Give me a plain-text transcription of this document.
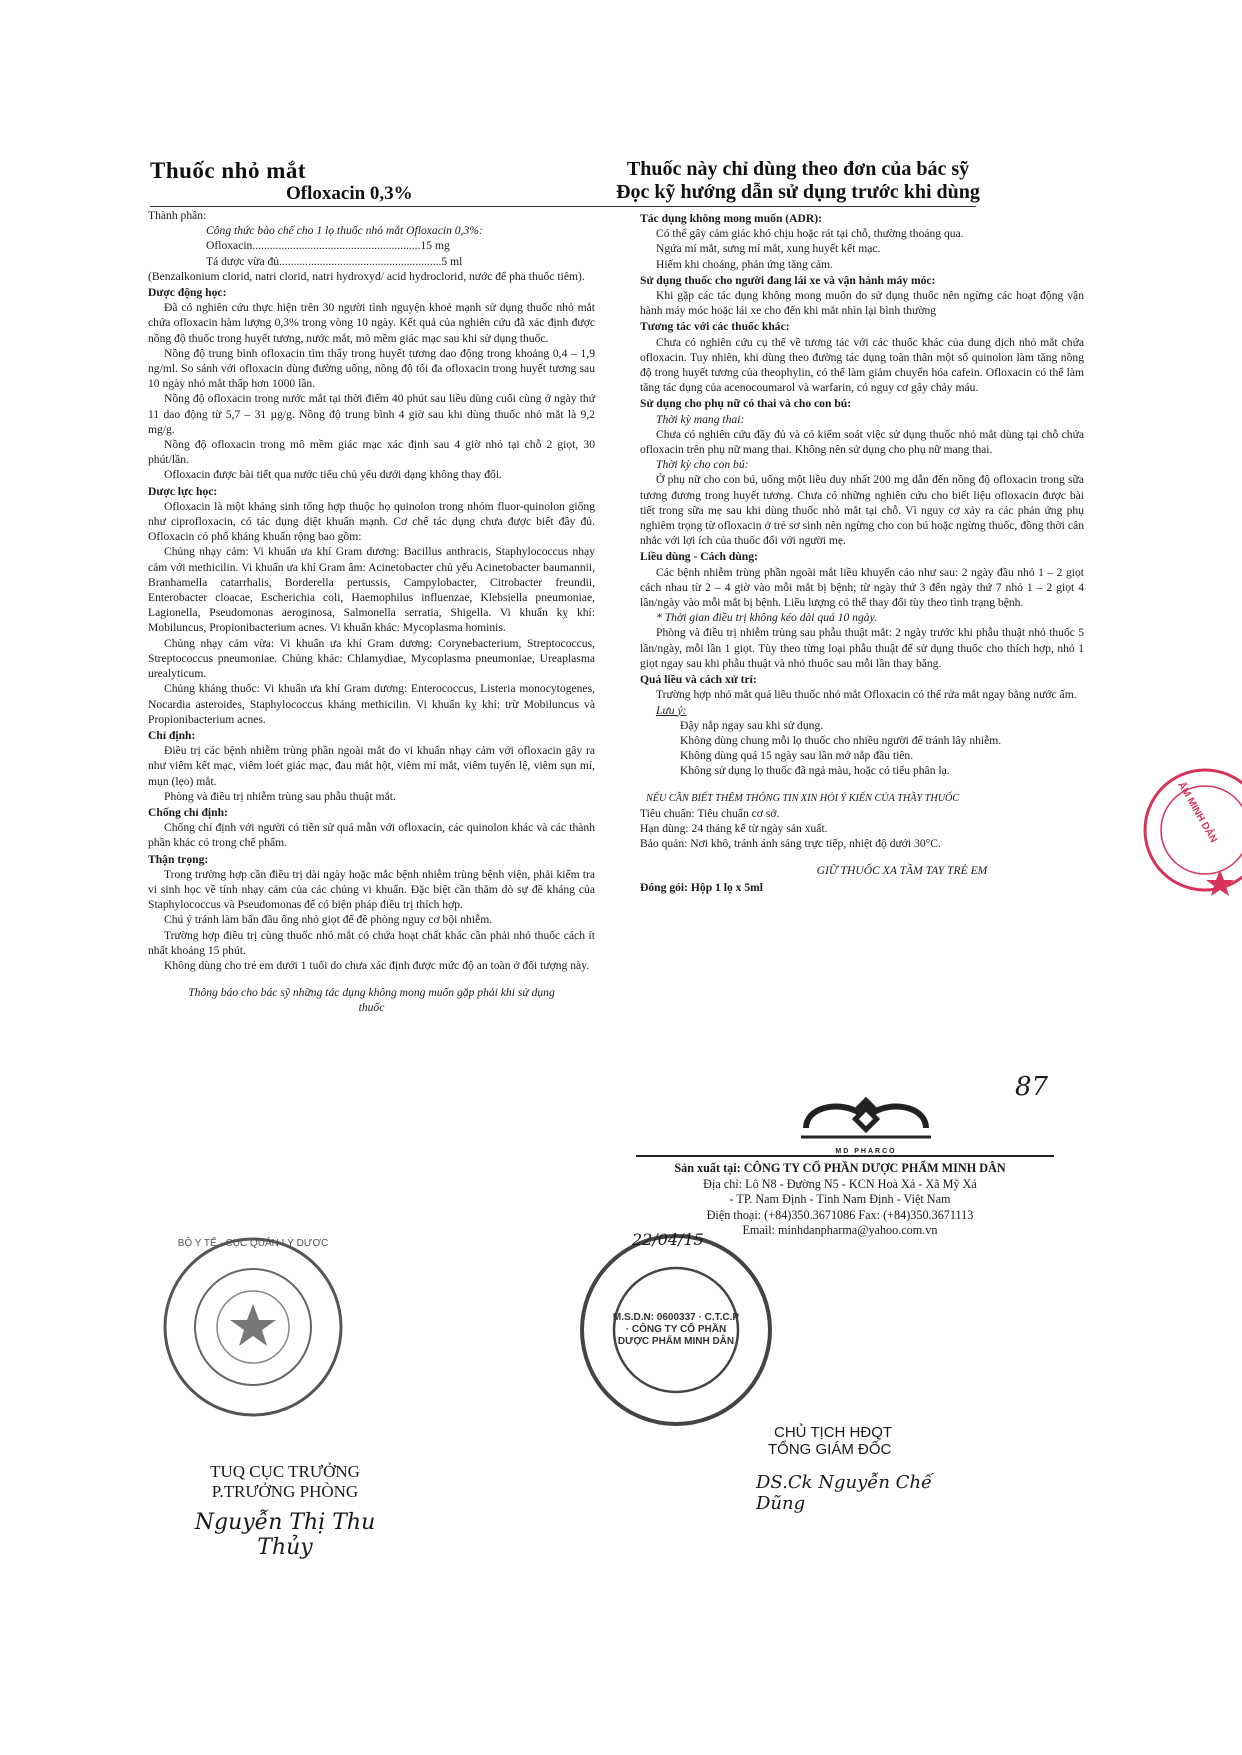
Thuốc nhỏ mắt
Ofloxacin 0,3%
Thuốc này chỉ dùng theo đơn của bác sỹ
Đọc kỹ hướng dẫn sử dụng trước khi dùng

Thành phần:

Công thức bào chế cho 1 lọ thuốc nhỏ mắt Ofloxacin 0,3%:

Ofloxacin..........................................................15 mg

Tá dược vừa đủ........................................................5 ml

(Benzalkonium clorid, natri clorid, natri hydroxyd/ acid hydroclorid, nước để pha thuốc tiêm).

Dược động học:

Đã có nghiên cứu thực hiện trên 30 người tình nguyện khoẻ mạnh sử dụng thuốc nhỏ mắt chứa ofloxacin hàm lượng 0,3% trong vòng 10 ngày. Kết quả của nghiên cứu đã xác định được nồng độ thuốc trong huyết tương, nước mắt, mô mềm giác mạc sau khi sử dụng thuốc.

Nồng độ trung bình ofloxacin tìm thấy trong huyết tương dao động trong khoảng 0,4 – 1,9 ng/ml. So sánh với ofloxacin dùng đường uống, nồng độ tối đa ofloxacin trong huyết tương sau 10 ngày nhỏ mắt thấp hơn 1000 lần.

Nồng độ ofloxacin trong nước mắt tại thời điểm 40 phút sau liều dùng cuối cùng ở ngày thứ 11 dao động từ 5,7 – 31 µg/g. Nồng độ trung bình 4 giờ sau khi dùng thuốc nhỏ mắt là 9,2 mg/g.

Nồng độ ofloxacin trong mô mềm giác mạc xác định sau 4 giờ nhỏ tại chỗ 2 giọt, 30 phút/lần.

Ofloxacin được bài tiết qua nước tiểu chủ yếu dưới dạng không thay đổi.

Dược lực học:

Ofloxacin là một kháng sinh tổng hợp thuộc họ quinolon trong nhóm fluor-quinolon giống như ciprofloxacin, có tác dụng diệt khuẩn mạnh. Cơ chế tác dụng chưa được biết đầy đủ. Ofloxacin có phổ kháng khuẩn rộng bao gồm:

Chủng nhạy cảm: Vi khuẩn ưa khí Gram dương: Bacillus anthracis, Staphylococcus nhạy cảm với methicilin. Vi khuẩn ưa khí Gram âm: Acinetobacter chủ yếu Acinetobacter baumannii, Branhamella catarrhalis, Borderella pertussis, Campylobacter, Citrobacter freundii, Enterobacter cloacae, Escherichia coli, Haemophilus influenzae, Klebsiella pneumoniae, Lagionella, Pseudomonas aeroginosa, Salmonella serratia, Shigella. Vi khuẩn kỵ khí: Mobiluncus, Propionibacterium acnes. Vi khuẩn khác: Mycoplasma hominis.

Chủng nhạy cảm vừa: Vi khuẩn ưa khí Gram dương: Corynebacterium, Streptococcus, Streptococcus pneumoniae. Chủng khác: Chlamydiae, Mycoplasma pneumoniae, Ureaplasma urealyticum.

Chủng kháng thuốc: Vi khuẩn ưa khí Gram dương: Enterococcus, Listeria monocytogenes, Nocardia asteroides, Staphylococcus kháng methicilin. Vi khuẩn kỵ khí: trừ Mobiluncus và Propionibacterium acnes.

Chỉ định:

Điều trị các bệnh nhiễm trùng phần ngoài mắt do vi khuẩn nhạy cảm với ofloxacin gây ra như viêm kết mạc, viêm loét giác mạc, đau mắt hột, viêm mí mắt, viêm tuyến lệ, viêm sụn mí, mụn (lẹo) mắt.

Phòng và điều trị nhiễm trùng sau phẫu thuật mắt.

Chống chỉ định:

Chống chỉ định với người có tiền sử quá mẫn với ofloxacin, các quinolon khác và các thành phần khác có trong chế phẩm.

Thận trọng:

Trong trường hợp cần điều trị dài ngày hoặc mắc bệnh nhiễm trùng bệnh viện, phải kiểm tra vi sinh học về tính nhạy cảm của các chủng vi khuẩn. Đặc biệt cần thăm dò sự đề kháng của Staphylococcus và Pseudomonas để có biện pháp điều trị thích hợp.

Chú ý tránh làm bẩn đầu ống nhỏ giọt để đề phòng nguy cơ bội nhiễm.

Trường hợp điều trị cùng thuốc nhỏ mắt có chứa hoạt chất khác cần phải nhỏ thuốc cách ít nhất khoảng 15 phút.

Không dùng cho trẻ em dưới 1 tuổi do chưa xác định được mức độ an toàn ở đối tượng này.

Thông báo cho bác sỹ những tác dụng không mong muốn gặp phải khi sử dụng thuốc

Tác dụng không mong muốn (ADR):

Có thể gây cảm giác khó chịu hoặc rát tại chỗ, thường thoáng qua.

Ngứa mí mắt, sưng mí mắt, xung huyết kết mạc.

Hiếm khi choáng, phản ứng tăng cảm.

Sử dụng thuốc cho người đang lái xe và vận hành máy móc:

Khi gặp các tác dụng không mong muốn do sử dụng thuốc nên ngừng các hoạt động vận hành máy móc hoặc lái xe cho đến khi mắt nhìn lại bình thường

Tương tác với các thuốc khác:

Chưa có nghiên cứu cụ thể về tương tác với các thuốc khác của dung dịch nhỏ mắt chứa ofloxacin. Tuy nhiên, khi dùng theo đường tác dụng toàn thân một số quinolon làm tăng nồng độ trong huyết tương của theophylin, có thể làm giảm chuyển hóa cafein. Ofloxacin có thể làm tăng tác dụng của acenocoumarol và warfarin, có nguy cơ gây chảy máu.

Sử dụng cho phụ nữ có thai và cho con bú:

Thời kỳ mang thai:

Chưa có nghiên cứu đầy đủ và có kiểm soát việc sử dụng thuốc nhỏ mắt dùng tại chỗ chứa ofloxacin trên phụ nữ mang thai. Không nên sử dụng cho phụ nữ mang thai.

Thời kỳ cho con bú:

Ở phụ nữ cho con bú, uống một liều duy nhất 200 mg dẫn đến nồng độ ofloxacin trong sữa tương đương trong huyết tương. Chưa có những nghiên cứu cho biết liệu ofloxacin được bài tiết trong sữa mẹ sau khi dùng thuốc nhỏ mắt tại chỗ. Vì nguy cơ xảy ra các phản ứng phụ nghiêm trọng từ ofloxacin ở trẻ sơ sinh nên ngừng cho con bú hoặc ngừng thuốc, đồng thời cân nhắc với lợi ích của thuốc đối với người mẹ.

Liều dùng - Cách dùng:

Các bệnh nhiễm trùng phần ngoài mắt liều khuyến cáo như sau: 2 ngày đầu nhỏ 1 – 2 giọt cách nhau từ 2 – 4 giờ vào mỗi mắt bị bệnh; từ ngày thứ 3 đến ngày thứ 7 nhỏ 1 – 2 giọt 4 lần/ngày vào mỗi mắt bị bệnh. Liều lượng có thể thay đổi tùy theo tình trạng bệnh.

* Thời gian điều trị không kéo dài quá 10 ngày.

Phòng và điều trị nhiễm trùng sau phẫu thuật mắt: 2 ngày trước khi phẫu thuật nhỏ thuốc 5 lần/ngày, mỗi lần 1 giọt. Tùy theo từng loại phẫu thuật để sử dụng thuốc cho thích hợp, nhỏ 1 giọt ngay sau khi phẫu thuật và nhỏ thuốc sau mỗi lần thay băng.

Quá liều và cách xử trí:

Trường hợp nhỏ mắt quá liều thuốc nhỏ mắt Ofloxacin có thể rửa mắt ngay bằng nước ấm.

Lưu ý:

Đậy nắp ngay sau khi sử dụng.

Không dùng chung mỗi lọ thuốc cho nhiều người để tránh lây nhiễm.

Không dùng quá 15 ngày sau lần mở nắp đầu tiên.

Không sử dụng lọ thuốc đã ngả màu, hoặc có tiểu phân lạ.

NẾU CẦN BIẾT THÊM THÔNG TIN XIN HỎI Ý KIẾN CỦA THẦY THUỐC

Tiêu chuẩn: Tiêu chuẩn cơ sở.

Hạn dùng: 24 tháng kể từ ngày sản xuất.

Bảo quản: Nơi khô, tránh ánh sáng trực tiếp, nhiệt độ dưới 30°C.

GIỮ THUỐC XA TẦM TAY TRẺ EM

Đóng gói: Hộp 1 lọ x 5ml

MD PHARCO

Sản xuất tại: CÔNG TY CỔ PHẦN DƯỢC PHẨM MINH DÂN

Địa chỉ: Lô N8 - Đường N5 - KCN Hoà Xá - Xã Mỹ Xá

- TP. Nam Định - Tỉnh Nam Định - Việt Nam

Điện thoại: (+84)350.3671086 Fax: (+84)350.3671113

Email: minhdanpharma@yahoo.com.vn

BỘ Y TẾ · CỤC QUẢN LÝ DƯỢC
M.S.D.N: 0600337 · C.T.C.P · CÔNG TY CỔ PHẦN DƯỢC PHẨM MINH DÂN
ẨM MINH DÂN
TUQ CỤC TRƯỞNG
P.TRƯỞNG PHÒNG
Nguyễn Thị Thu Thủy
22/04/15
87
CHỦ TỊCH HĐQT
TỔNG GIÁM ĐỐC
DS.Ck Nguyễn Chế Dũng
